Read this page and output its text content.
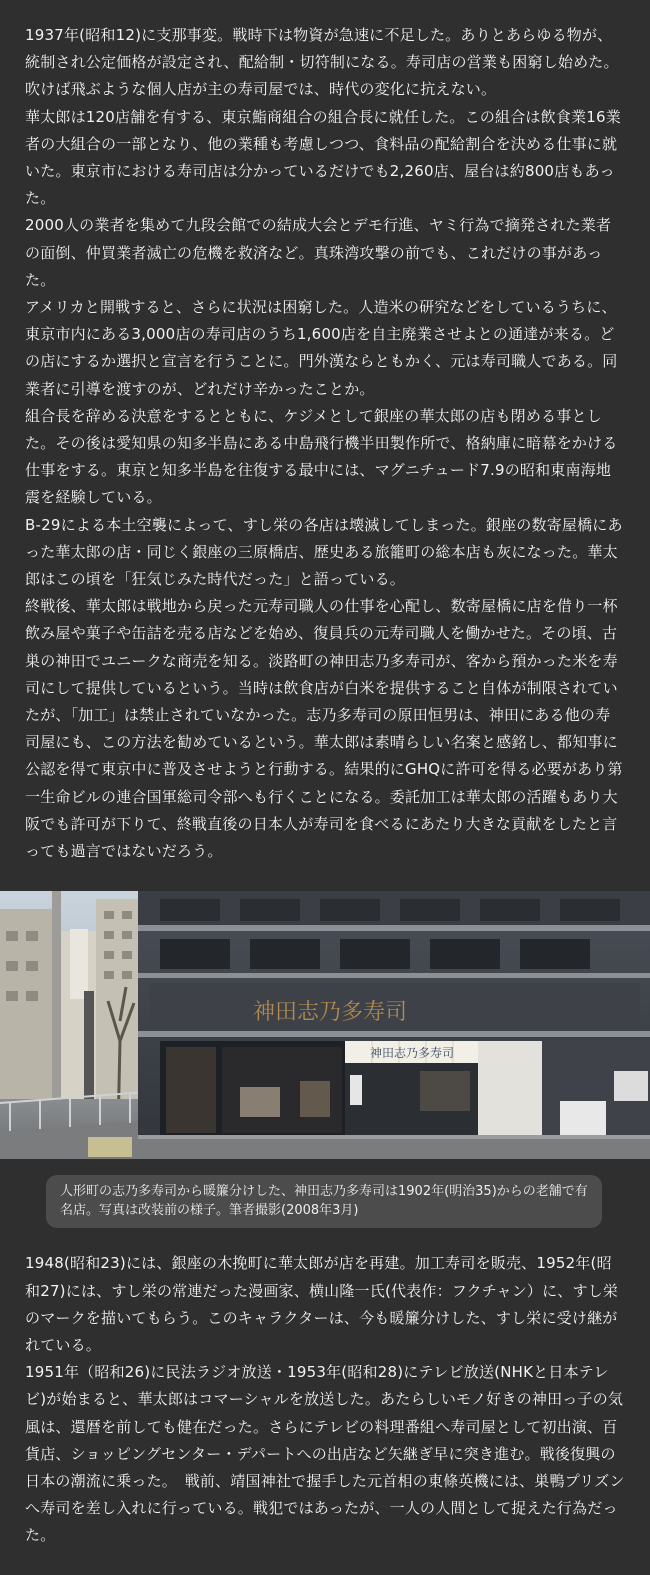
1937年(昭和12)に支那事変。戦時下は物資が急速に不足した。ありとあらゆる物が、統制され公定価格が設定され、配給制・切符制になる。寿司店の営業も困窮し始めた。吹けば飛ぶような個人店が主の寿司屋では、時代の変化に抗えない。

華太郎は120店舗を有する、東京鮨商組合の組合長に就任した。この組合は飲食業16業者の大組合の一部となり、他の業種も考慮しつつ、食料品の配給割合を決める仕事に就いた。東京市における寿司店は分かっているだけでも2,260店、屋台は約800店もあった。

2000人の業者を集めて九段会館での結成大会とデモ行進、ヤミ行為で摘発された業者の面倒、仲買業者滅亡の危機を救済など。真珠湾攻撃の前でも、これだけの事があった。

アメリカと開戦すると、さらに状況は困窮した。人造米の研究などをしているうちに、東京市内にある3,000店の寿司店のうち1,600店を自主廃業させよとの通達が来る。どの店にするか選択と宣言を行うことに。門外漢ならともかく、元は寿司職人である。同業者に引導を渡すのが、どれだけ辛かったことか。

組合長を辞める決意をするとともに、ケジメとして銀座の華太郎の店も閉める事とした。その後は愛知県の知多半島にある中島飛行機半田製作所で、格納庫に暗幕をかける仕事をする。東京と知多半島を往復する最中には、マグニチュード7.9の昭和東南海地震を経験している。

B-29による本土空襲によって、すし栄の各店は壊滅してしまった。銀座の数寄屋橋にあった華太郎の店・同じく銀座の三原橋店、歴史ある旅籠町の総本店も灰になった。華太郎はこの頃を「狂気じみた時代だった」と語っている。

終戦後、華太郎は戦地から戻った元寿司職人の仕事を心配し、数寄屋橋に店を借り一杯飲み屋や菓子や缶詰を売る店などを始め、復員兵の元寿司職人を働かせた。その頃、古巣の神田でユニークな商売を知る。淡路町の神田志乃多寿司が、客から預かった米を寿司にして提供しているという。当時は飲食店が白米を提供すること自体が制限されていたが、「加工」は禁止されていなかった。志乃多寿司の原田恒男は、神田にある他の寿司屋にも、この方法を勧めているという。華太郎は素晴らしい名案と感銘し、都知事に公認を得て東京中に普及させようと行動する。結果的にGHQに許可を得る必要があり第一生命ビルの連合国軍総司令部へも行くことになる。委託加工は華太郎の活躍もあり大阪でも許可が下りて、終戦直後の日本人が寿司を食べるにあたり大きな貢献をしたと言っても過言ではないだろう。

神田志乃多寿司
神田志乃多寿司
人形町の志乃多寿司から暖簾分けした、神田志乃多寿司は1902年(明治35)からの老舗で有名店。写真は改装前の様子。筆者撮影(2008年3月)

1948(昭和23)には、銀座の木挽町に華太郎が店を再建。加工寿司を販売、1952年(昭和27)には、すし栄の常連だった漫画家、横山隆一氏(代表作：フクチャン）に、すし栄のマークを描いてもらう。このキャラクターは、今も暖簾分けした、すし栄に受け継がれている。

1951年（昭和26)に民法ラジオ放送・1953年(昭和28)にテレビ放送(NHKと日本テレビ)が始まると、華太郎はコマーシャルを放送した。あたらしいモノ好きの神田っ子の気風は、還暦を前しても健在だった。さらにテレビの料理番組へ寿司屋として初出演、百貨店、ショッピングセンター・デパートへの出店など矢継ぎ早に突き進む。戦後復興の日本の潮流に乗った。　戦前、靖国神社で握手した元首相の東條英機には、巣鴨プリズンへ寿司を差し入れに行っている。戦犯ではあったが、一人の人間として捉えた行為だった。
